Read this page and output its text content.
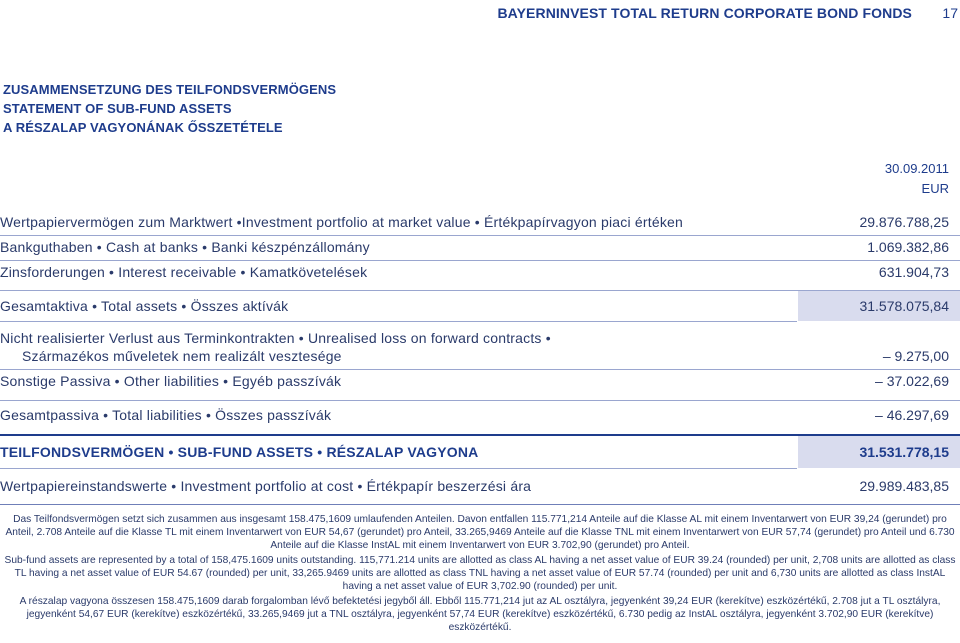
BAYERNINVEST TOTAL RETURN CORPORATE BOND FONDS 17
ZUSAMMENSETZUNG DES TEILFONDSVERMÖGENS
STATEMENT OF SUB-FUND ASSETS
A RÉSZALAP VAGYONÁNAK ŐSSZETÉTELE
30.09.2011
EUR
Wertpapiervermögen zum Marktwert •Investment portfolio at market value • Értékpapírvagyon piaci értéken	29.876.788,25
Bankguthaben • Cash at banks • Banki készpénzállomány	1.069.382,86
Zinsforderungen • Interest receivable • Kamatkövetelések	631.904,73
Gesamtaktiva • Total assets • Összes aktívák	31.578.075,84
Nicht realisierter Verlust aus Terminkontrakten • Unrealised loss on forward contracts •
Származékos műveletek nem realizált vesztesége	– 9.275,00
Sonstige Passiva • Other liabilities • Egyéb passzívák	– 37.022,69
Gesamtpassiva • Total liabilities • Összes passzívák	– 46.297,69
TEILFONDSVERMÖGEN • SUB-FUND ASSETS • RÉSZALAP VAGYONA	31.531.778,15
Wertpapiereinstandswerte • Investment portfolio at cost • Értékpapír beszerzési ára	29.989.483,85

Das Teilfondsvermögen setzt sich zusammen aus insgesamt 158.475,1609 umlaufenden Anteilen. Davon entfallen 115.771,214 Anteile auf die Klasse AL mit einem Inventarwert von EUR 39,24 (gerundet) pro Anteil, 2.708 Anteile auf die Klasse TL mit einem Inventarwert von EUR 54,67 (gerundet) pro Anteil, 33.265,9469 Anteile auf die Klasse TNL mit einem Inventarwert von EUR 57,74 (gerundet) pro Anteil und 6.730 Anteile auf die Klasse InstAL mit einem Inventarwert von EUR 3.702,90 (gerundet) pro Anteil.

Sub-fund assets are represented by a total of 158,475.1609 units outstanding. 115,771.214 units are allotted as class AL having a net asset value of EUR 39.24 (rounded) per unit, 2,708 units are allotted as class TL having a net asset value of EUR 54.67 (rounded) per unit, 33,265.9469 units are allotted as class TNL having a net asset value of EUR 57.74 (rounded) per unit and 6,730 units are allotted as class InstAL having a net asset value of EUR 3,702.90 (rounded) per unit.

A részalap vagyona összesen 158.475,1609 darab forgalomban lévő befektetési jegyből áll. Ebből 115.771,214 jut az AL osztályra, jegyenként 39,24 EUR (kerekítve) eszközértékű, 2.708 jut a TL osztályra, jegyenként 54,67 EUR (kerekítve) eszközértékű, 33.265,9469 jut a TNL osztályra, jegyenként 57,74 EUR (kerekítve) eszközértékű, 6.730 pedig az InstAL osztályra, jegyenként 3.702,90 EUR (kerekítve) eszközértékű.
